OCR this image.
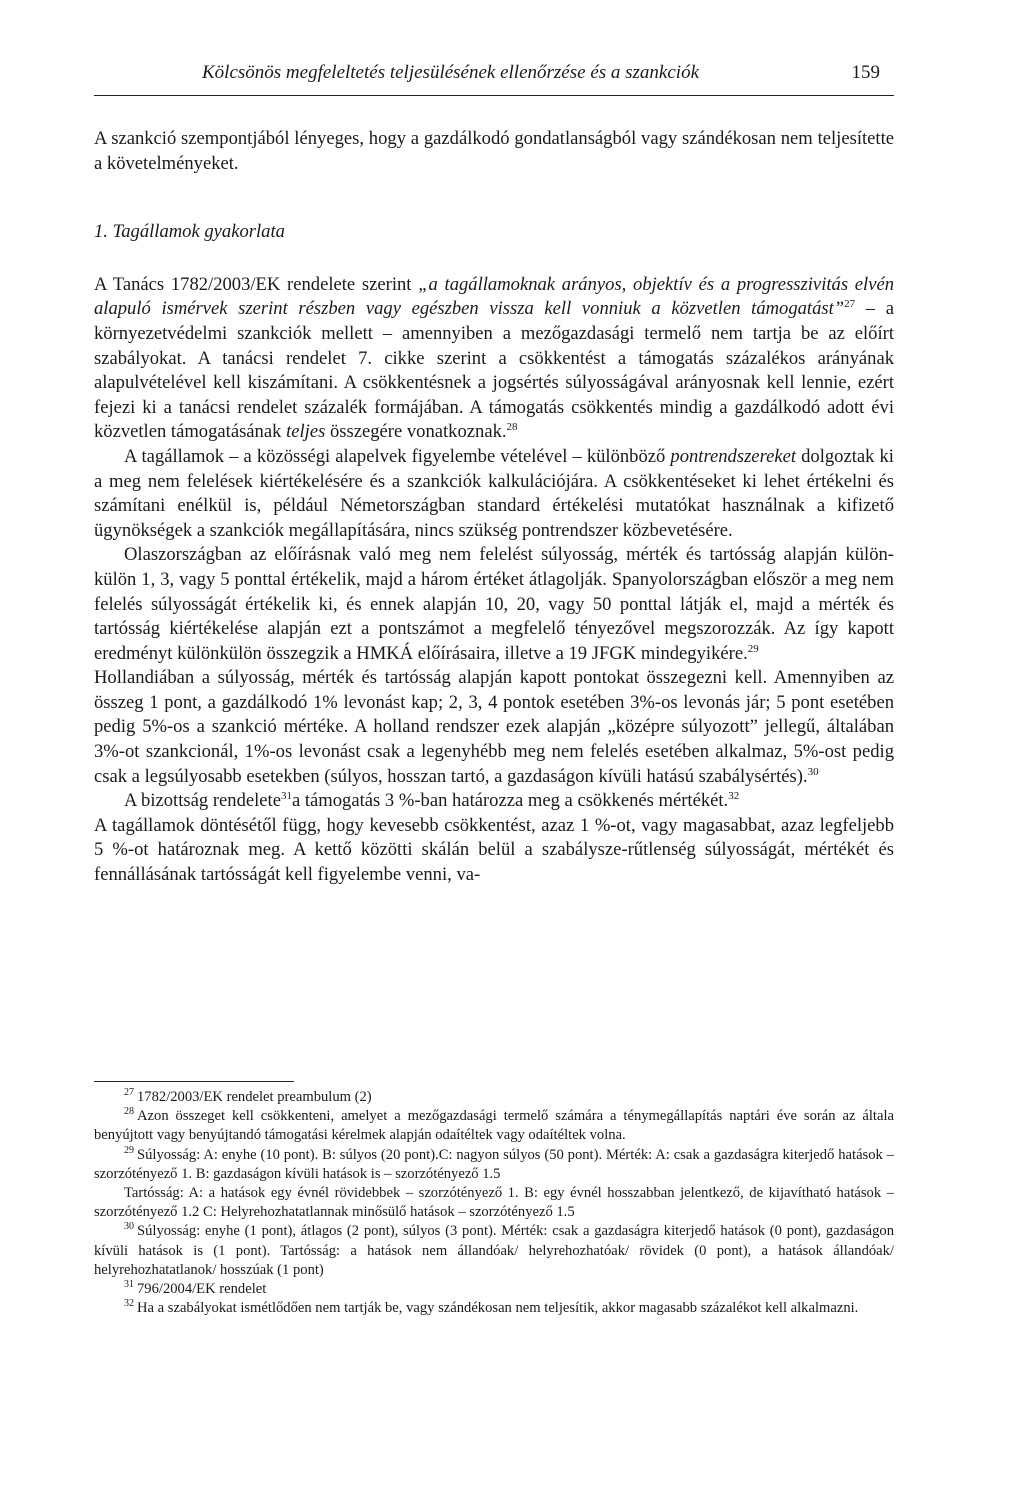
Kölcsönös megfeleltetés teljesülésének ellenőrzése és a szankciók	159

A szankció szempontjából lényeges, hogy a gazdálkodó gondatlanságból vagy szándékosan nem teljesítette a követelményeket.

1. Tagállamok gyakorlata

A Tanács 1782/2003/EK rendelete szerint „a tagállamoknak arányos, objektív és a progresszivitás elvén alapuló ismérvek szerint részben vagy egészben vissza kell vonniuk a közvetlen támogatást”$^{27}$ – a környezetvédelmi szankciók mellett – amennyiben a mezőgazdasági termelő nem tartja be az előírt szabályokat. A tanácsi rendelet 7. cikke szerint a csökkentést a támogatás százalékos arányának alapulvételével kell kiszámítani. A csökkentésnek a jogsértés súlyosságával arányosnak kell lennie, ezért fejezi ki a tanácsi rendelet százalék formájában. A támogatás csökkentés mindig a gazdálkodó adott évi közvetlen támogatásának teljes összegére vonatkoznak.$^{28}$

A tagállamok – a közösségi alapelvek figyelembe vételével – különböző pontrendszereket dolgoztak ki a meg nem felelések kiértékelésére és a szankciók kalkulációjára. A csökkentéseket ki lehet értékelni és számítani enélkül is, például Németországban standard értékelési mutatókat használnak a kifizető ügynökségek a szankciók megállapítására, nincs szükség pontrendszer közbevetésére.

Olaszországban az előírásnak való meg nem felelést súlyosság, mérték és tartósság alapján külön-külön 1, 3, vagy 5 ponttal értékelik, majd a három értéket átlagolják. Spanyolországban először a meg nem felelés súlyosságát értékelik ki, és ennek alapján 10, 20, vagy 50 ponttal látják el, majd a mérték és tartósság kiértékelése alapján ezt a pontszámot a megfelelő tényezővel megszorozzák. Az így kapott eredményt különkülön összegzik a HMKÁ előírásaira, illetve a 19 JFGK mindegyikére.$^{29}$

Hollandiában a súlyosság, mérték és tartósság alapján kapott pontokat összegezni kell. Amennyiben az összeg 1 pont, a gazdálkodó 1% levonást kap; 2, 3, 4 pontok esetében 3%-os levonás jár; 5 pont esetében pedig 5%-os a szankció mértéke. A holland rendszer ezek alapján „középre súlyozott” jellegű, általában 3%-ot szankcionál, 1%-os levonást csak a legenyhébb meg nem felelés esetében alkalmaz, 5%-ost pedig csak a legsúlyosabb esetekben (súlyos, hosszan tartó, a gazdaságon kívüli hatású szabálysértés).$^{30}$

A bizottság rendelete$^{31}$a támogatás 3 %-ban határozza meg a csökkenés mértékét.$^{32}$

A tagállamok döntésétől függ, hogy kevesebb csökkentést, azaz 1 %-ot, vagy magasabbat, azaz legfeljebb 5 %-ot határoznak meg. A kettő közötti skálán belül a szabálysze-rűtlenség súlyosságát, mértékét és fennállásának tartósságát kell figyelembe venni, va-

$^{27}$ 1782/2003/EK rendelet preambulum (2)

$^{28}$ Azon összeget kell csökkenteni, amelyet a mezőgazdasági termelő számára a ténymegállapítás naptári éve során az általa benyújtott vagy benyújtandó támogatási kérelmek alapján odaítéltek vagy odaítéltek volna.

$^{29}$ Súlyosság: A: enyhe (10 pont). B: súlyos (20 pont).C: nagyon súlyos (50 pont). Mérték: A: csak a gazdaságra kiterjedő hatások – szorzótényező 1. B: gazdaságon kívüli hatások is – szorzótényező 1.5

Tartósság: A: a hatások egy évnél rövidebbek – szorzótényező 1. B: egy évnél hosszabban jelentkező, de kijavítható hatások – szorzótényező 1.2 C: Helyrehozhatatlannak minősülő hatások – szorzótényező 1.5

$^{30}$ Súlyosság: enyhe (1 pont), átlagos (2 pont), súlyos (3 pont). Mérték: csak a gazdaságra kiterjedő hatások (0 pont), gazdaságon kívüli hatások is (1 pont). Tartósság: a hatások nem állandóak/ helyrehozhatóak/ rövidek (0 pont), a hatások állandóak/ helyrehozhatatlanok/ hosszúak (1 pont)

$^{31}$ 796/2004/EK rendelet

$^{32}$ Ha a szabályokat ismétlődően nem tartják be, vagy szándékosan nem teljesítik, akkor magasabb százalékot kell alkalmazni.
